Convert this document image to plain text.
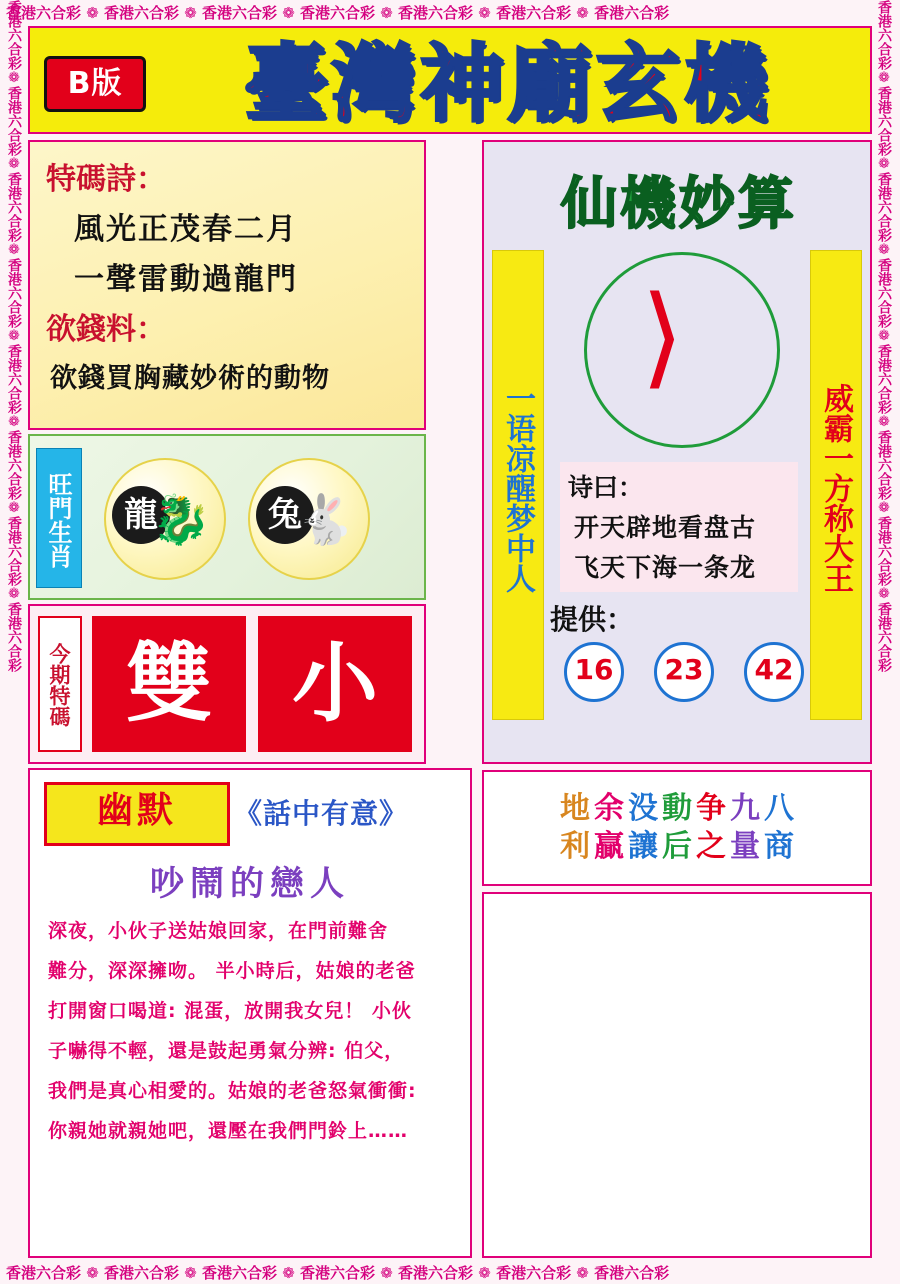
香港六合彩 ❁ 香港六合彩 ❁ 香港六合彩 ❁ 香港六合彩 ❁ 香港六合彩 ❁ 香港六合彩 ❁ 香港六合彩
香港六合彩 ❁ 香港六合彩 ❁ 香港六合彩 ❁ 香港六合彩 ❁ 香港六合彩 ❁ 香港六合彩 ❁ 香港六合彩
香港六合彩❁香港六合彩❁香港六合彩❁香港六合彩❁香港六合彩❁香港六合彩❁香港六合彩❁香港六合彩	香港六合彩❁香港六合彩❁香港六合彩❁香港六合彩❁香港六合彩❁香港六合彩❁香港六合彩❁香港六合彩
B版	臺灣神廟玄機
特碼詩：
風光正茂春二月
一聲雷動過龍門
欲錢料：
欲錢買胸藏妙術的動物
旺門生肖	龍
🐉	兔
🐇
今期特碼 雙 小
幽默	《話中有意》
吵鬧的戀人

深夜，小伙子送姑娘回家，在門前難舍

難分，深深擁吻。 半小時后，姑娘的老爸

打開窗口喝道: 混蛋，放開我女兒！ 小伙

子嚇得不輕，還是鼓起勇氣分辨: 伯父，

我們是真心相愛的。姑娘的老爸怒氣衝衝:

你親她就親她吧，還壓在我們門鈴上……

仙機妙算
一语凉醒梦中人	威霸一方称大王
⟩
诗曰：
开天辟地看盘古
飞天下海一条龙
提供：
16	23	42
八
商
九
量
争
之
動
后
没
讓
余
贏
地
利
